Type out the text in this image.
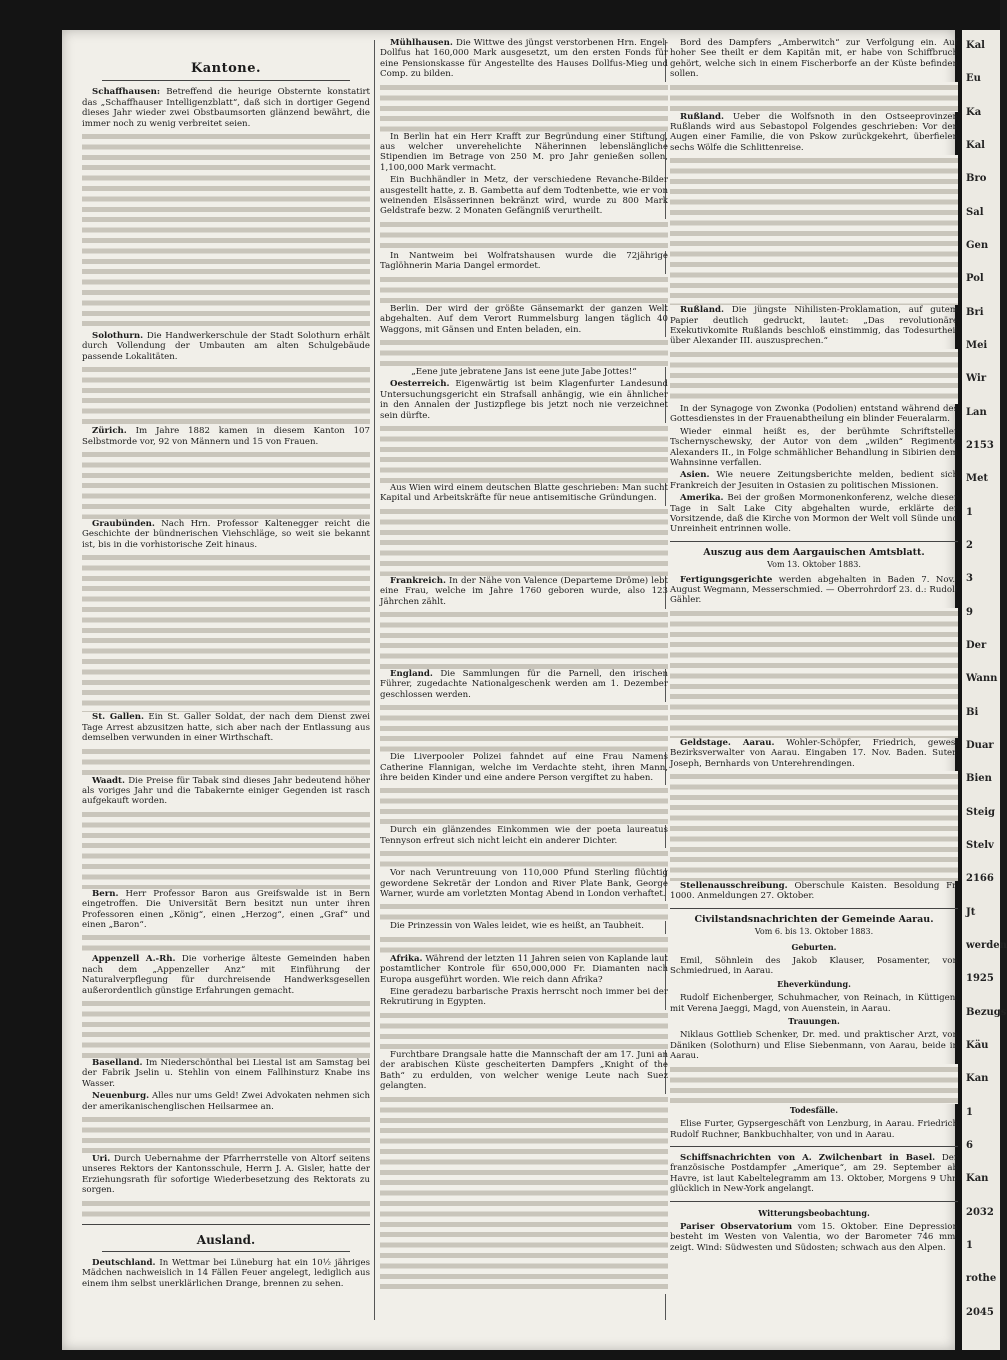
Kantone.

Schaffhausen: Betreffend die heurige Obsternte konstatirt das „Schaffhauser Intelligenzblatt“, daß sich in dortiger Gegend dieses Jahr wieder zwei Obstbaumsorten glänzend bewährt, die immer noch zu wenig verbreitet seien.

Solothurn. Die Handwerkerschule der Stadt Solothurn erhält durch Vollendung der Umbauten am alten Schulgebäude passende Lokalitäten.

Zürich. Im Jahre 1882 kamen in diesem Kanton 107 Selbstmorde vor, 92 von Männern und 15 von Frauen.

Graubünden. Nach Hrn. Professor Kaltenegger reicht die Geschichte der bündnerischen Viehschläge, so weit sie bekannt ist, bis in die vorhistorische Zeit hinaus.

St. Gallen. Ein St. Galler Soldat, der nach dem Dienst zwei Tage Arrest abzusitzen hatte, sich aber nach der Entlassung aus demselben verwunden in einer Wirthschaft.

Waadt. Die Preise für Tabak sind dieses Jahr bedeutend höher als voriges Jahr und die Tabakernte einiger Gegenden ist rasch aufgekauft worden.

Bern. Herr Professor Baron aus Greifswalde ist in Bern eingetroffen. Die Universität Bern besitzt nun unter ihren Professoren einen „König“, einen „Herzog“, einen „Graf“ und einen „Baron“.

Appenzell A.-Rh. Die vorherige älteste Gemeinden haben nach dem „Appenzeller Anz“ mit Einführung der Naturalverpflegung für durchreisende Handwerksgesellen außerordentlich günstige Erfahrungen gemacht.

Baselland. Im Niederschönthal bei Liestal ist am Samstag bei der Fabrik Jselin u. Stehlin von einem Fallhinsturz Knabe ins Wasser.

Neuenburg. Alles nur ums Geld! Zwei Advokaten nehmen sich der amerikanischenglischen Heilsarmee an.

Uri. Durch Uebernahme der Pfarrherrstelle von Altorf seitens unseres Rektors der Kantonsschule, Herrn J. A. Gisler, hatte der Erziehungsrath für sofortige Wiederbesetzung des Rektorats zu sorgen.

Ausland.

Deutschland. In Wettmar bei Lüneburg hat ein 10½ jähriges Mädchen nachweislich in 14 Fällen Feuer angelegt, lediglich aus einem ihm selbst unerklärlichen Drange, brennen zu sehen.

Mühlhausen. Die Wittwe des jüngst verstorbenen Hrn. Engel-Dollfus hat 160,000 Mark ausgesetzt, um den ersten Fonds für eine Pensionskasse für Angestellte des Hauses Dollfus-Mieg und Comp. zu bilden.

In Berlin hat ein Herr Krafft zur Begründung einer Stiftung, aus welcher unverehelichte Näherinnen lebenslängliche Stipendien im Betrage von 250 M. pro Jahr genießen sollen, 1,100,000 Mark vermacht.

Ein Buchhändler in Metz, der verschiedene Revanche-Bilder ausgestellt hatte, z. B. Gambetta auf dem Todtenbette, wie er von weinenden Elsässerinnen bekränzt wird, wurde zu 800 Mark Geldstrafe bezw. 2 Monaten Gefängniß verurtheilt.

In Nantweim bei Wolfratshausen wurde die 72jährige Taglöhnerin Maria Dangel ermordet.

Berlin. Der wird der größte Gänsemarkt der ganzen Welt abgehalten. Auf dem Verort Rummelsburg langen täglich 40 Waggons, mit Gänsen und Enten beladen, ein.

„Eene jute jebratene Jans ist eene jute Jabe Jottes!“

Oesterreich. Eigenwärtig ist beim Klagenfurter Landesund Untersuchungsgericht ein Strafsall anhängig, wie ein ähnlicher in den Annalen der Justizpflege bis jetzt noch nie verzeichnet sein dürfte.

Aus Wien wird einem deutschen Blatte geschrieben: Man sucht Kapital und Arbeitskräfte für neue antisemitische Gründungen.

Frankreich. In der Nähe von Valence (Departeme Drôme) lebt eine Frau, welche im Jahre 1760 geboren wurde, also 123 Jährchen zählt.

England. Die Sammlungen für die Parnell, den irischen Führer, zugedachte Nationalgeschenk werden am 1. Dezember geschlossen werden.

Die Liverpooler Polizei fahndet auf eine Frau Namens Catherine Flannigan, welche im Verdachte steht, ihren Mann, ihre beiden Kinder und eine andere Person vergiftet zu haben.

Durch ein glänzendes Einkommen wie der poeta laureatus Tennyson erfreut sich nicht leicht ein anderer Dichter.

Vor nach Veruntreuung von 110,000 Pfund Sterling flüchtig gewordene Sekretär der London and River Plate Bank, George Warner, wurde am vorletzten Montag Abend in London verhaftet.

Die Prinzessin von Wales leidet, wie es heißt, an Taubheit.

Afrika. Während der letzten 11 Jahren seien von Kaplande laut postamtlicher Kontrole für 650,000,000 Fr. Diamanten nach Europa ausgeführt worden. Wie reich dann Afrika?

Eine geradezu barbarische Praxis herrscht noch immer bei der Rekrutirung in Egypten.

Furchtbare Drangsale hatte die Mannschaft der am 17. Juni an der arabischen Küste gescheiterten Dampfers „Knight of the Bath“ zu erdulden, von welcher wenige Leute nach Suez gelangten.

Bord des Dampfers „Amberwitch“ zur Verfolgung ein. Auf hoher See theilt er dem Kapitän mit, er habe von Schiffbruch gehört, welche sich in einem Fischerborfe an der Küste befinden sollen.

Rußland. Ueber die Wolfsnoth in den Ostseeprovinzen Rußlands wird aus Sebastopol Folgendes geschrieben: Vor den Augen einer Familie, die von Pskow zurückgekehrt, überfielen sechs Wölfe die Schlittenreise.

Rußland. Die jüngste Nihilisten-Proklamation, auf gutem Papier deutlich gedruckt, lautet: „Das revolutionäre Exekutivkomite Rußlands beschloß einstimmig, das Todesurtheil über Alexander III. auszusprechen.“

In der Synagoge von Zwonka (Podolien) entstand während des Gottesdienstes in der Frauenabtheilung ein blinder Feueralarm.

Wieder einmal heißt es, der berühmte Schriftsteller Tschernyschewsky, der Autor von dem „wilden“ Regimente Alexanders II., in Folge schmählicher Behandlung in Sibirien dem Wahnsinne verfallen.

Asien. Wie neuere Zeitungsberichte melden, bedient sich Frankreich der Jesuiten in Ostasien zu politischen Missionen.

Amerika. Bei der großen Mormonenkonferenz, welche dieser Tage in Salt Lake City abgehalten wurde, erklärte der Vorsitzende, daß die Kirche von Mormon der Welt voll Sünde und Unreinheit entrinnen wolle.

Auszug aus dem Aargauischen Amtsblatt.
Vom 13. Oktober 1883.

Fertigungsgerichte werden abgehalten in Baden 7. Nov.: August Wegmann, Messerschmied. — Oberrohrdorf 23. d.: Rudolf Gähler.

Geldstage. Aarau. Wohler-Schöpfer, Friedrich, gewes. Bezirksverwalter von Aarau. Eingaben 17. Nov. Baden. Suter, Joseph, Bernhards von Unterehrendingen.

Stellenausschreibung. Oberschule Kaisten. Besoldung Fr. 1000. Anmeldungen 27. Oktober.

Civilstandsnachrichten der Gemeinde Aarau.
Vom 6. bis 13. Oktober 1883.
Geburten.

Emil, Söhnlein des Jakob Klauser, Posamenter, von Schmiedrued, in Aarau.

Eheverkündung.

Rudolf Eichenberger, Schuhmacher, von Reinach, in Küttigen, mit Verena Jaeggi, Magd, von Auenstein, in Aarau.

Trauungen.

Niklaus Gottlieb Schenker, Dr. med. und praktischer Arzt, von Däniken (Solothurn) und Elise Siebenmann, von Aarau, beide in Aarau.

Todesfälle.

Elise Furter, Gypsergeschäft von Lenzburg, in Aarau. Friedrich Rudolf Ruchner, Bankbuchhalter, von und in Aarau.

Schiffsnachrichten von A. Zwilchenbart in Basel. Der französische Postdampfer „Amerique“, am 29. September ab Havre, ist laut Kabeltelegramm am 13. Oktober, Morgens 9 Uhr, glücklich in New-York angelangt.

Witterungsbeobachtung.

Pariser Observatorium vom 15. Oktober. Eine Depression besteht im Westen von Valentia, wo der Barometer 746 mm. zeigt. Wind: Südwesten und Südosten; schwach aus den Alpen.

Kal
Eu
Ka
Kal
Bro
Sal
Gen
Pol
Bri
Mei
Wir
Lan
2153
Met
1
2
3
9
Der
Wann
Bi
Duar
Bien
Steig
Stelv
2166
Jt
werden
1925
Bezugs
Käu
Kan
1
6
Kan
2032
1
rothe
2045
